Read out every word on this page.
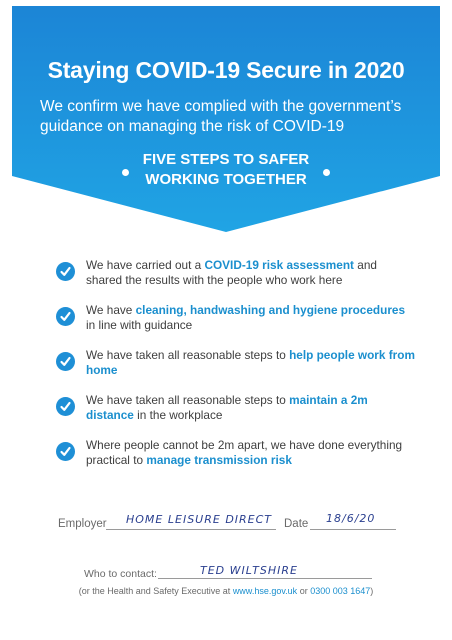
Staying COVID-19 Secure in 2020
We confirm we have complied with the government’s guidance on managing the risk of COVID-19
FIVE STEPS TO SAFER
WORKING TOGETHER
We have carried out a COVID-19 risk assessment and shared the results with the people who work here
We have cleaning, handwashing and hygiene procedures in line with guidance
We have taken all reasonable steps to help people work from home
We have taken all reasonable steps to maintain a 2m distance in the workplace
Where people cannot be 2m apart, we have done everything practical to manage transmission risk
Employer HOME LEISURE DIRECT Date 18/6/20
Who to contact:	TED WILTSHIRE
(or the Health and Safety Executive at www.hse.gov.uk or 0300 003 1647)
